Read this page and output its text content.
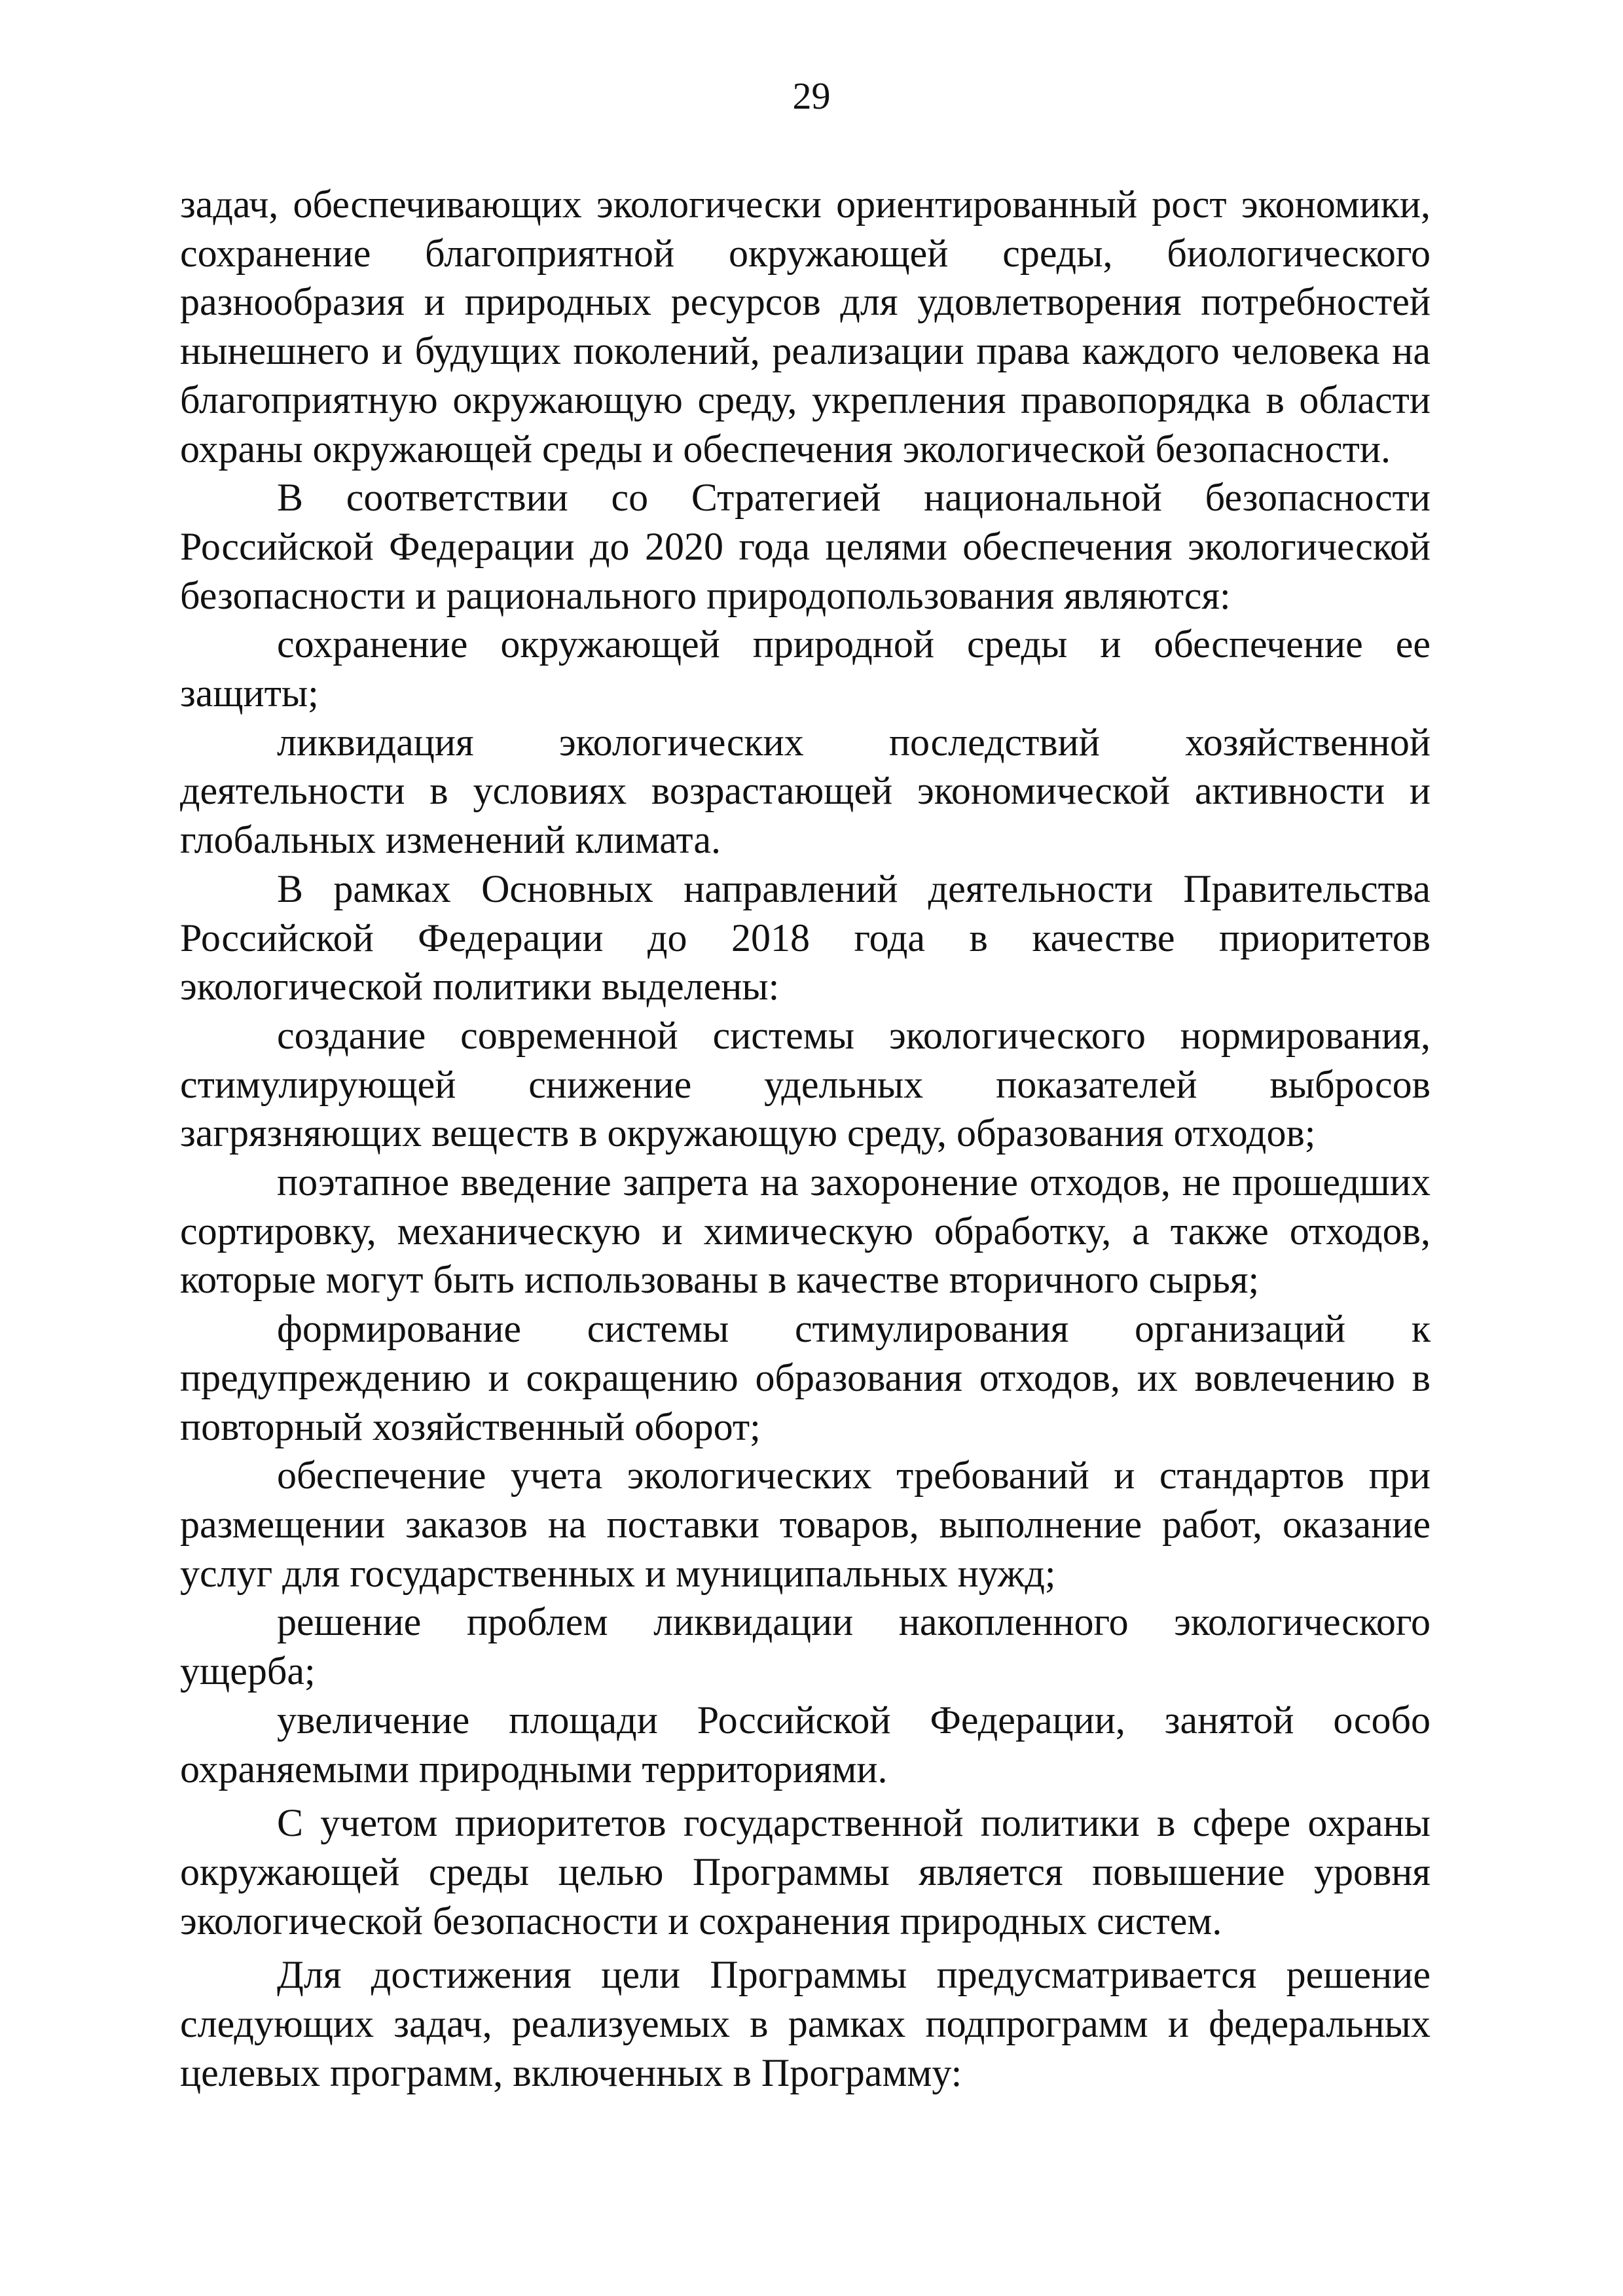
29

задач, обеспечивающих экологически ориентированный рост экономики, сохранение благоприятной окружающей среды, биологического разнообразия и природных ресурсов для удовлетворения потребностей нынешнего и будущих поколений, реализации права каждого человека на благоприятную окружающую среду, укрепления правопорядка в области охраны окружающей среды и обеспечения экологической безопасности.

В соответствии со Стратегией национальной безопасности Российской Федерации до 2020 года целями обеспечения экологической безопасности и рационального природопользования являются:

сохранение окружающей природной среды и обеспечение ее защиты;

ликвидация экологических последствий хозяйственной деятельности в условиях возрастающей экономической активности и глобальных изменений климата.

В рамках Основных направлений деятельности Правительства Российской Федерации до 2018 года в качестве приоритетов экологической политики выделены:

создание современной системы экологического нормирования, стимулирующей снижение удельных показателей выбросов загрязняющих веществ в окружающую среду, образования отходов;

поэтапное введение запрета на захоронение отходов, не прошедших сортировку, механическую и химическую обработку, а также отходов, которые могут быть использованы в качестве вторичного сырья;

формирование системы стимулирования организаций к предупреждению и сокращению образования отходов, их вовлечению в повторный хозяйственный оборот;

обеспечение учета экологических требований и стандартов при размещении заказов на поставки товаров, выполнение работ, оказание услуг для государственных и муниципальных нужд;

решение проблем ликвидации накопленного экологического ущерба;

увеличение площади Российской Федерации, занятой особо охраняемыми природными территориями.

С учетом приоритетов государственной политики в сфере охраны окружающей среды целью Программы является повышение уровня экологической безопасности и сохранения природных систем.

Для достижения цели Программы предусматривается решение следующих задач, реализуемых в рамках подпрограмм и федеральных целевых программ, включенных в Программу:
